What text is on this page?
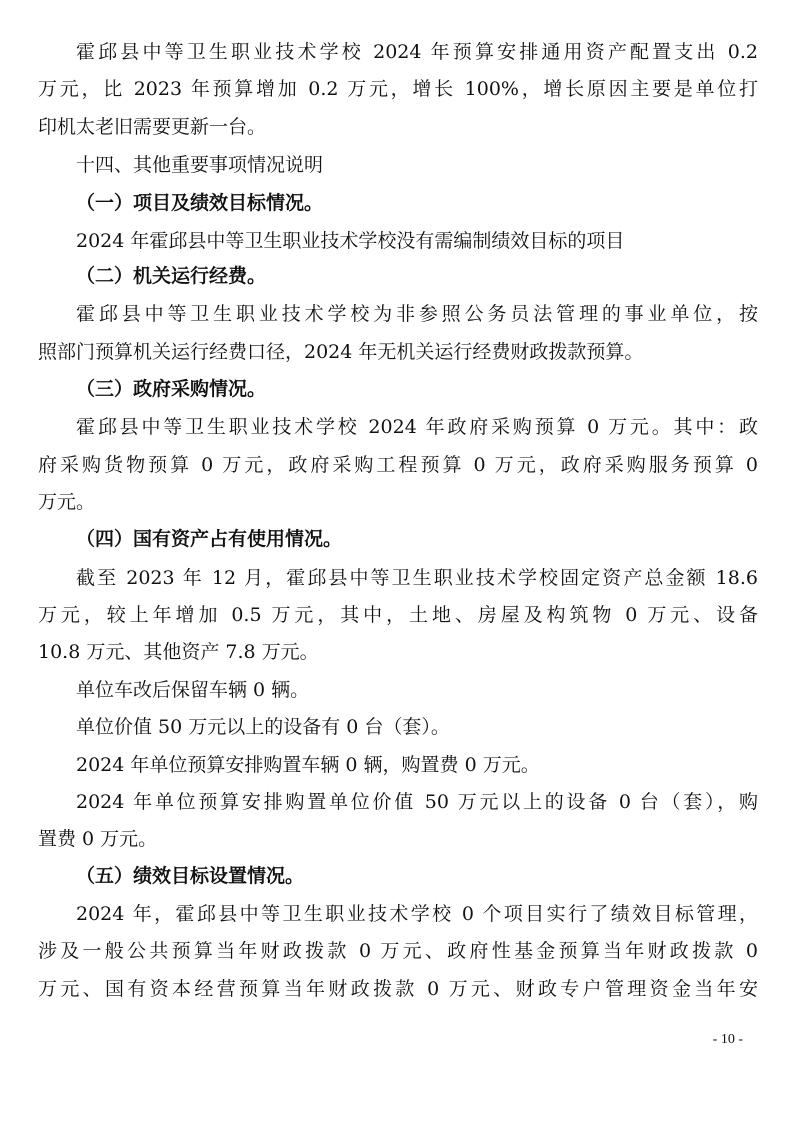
霍邱县中等卫生职业技术学校 2024 年预算安排通用资产配置支出 0.2
万元，比 2023 年预算增加 0.2 万元，增长 100%，增长原因主要是单位打
印机太老旧需要更新一台。
十四、其他重要事项情况说明
（一）项目及绩效目标情况。
2024 年霍邱县中等卫生职业技术学校没有需编制绩效目标的项目
（二）机关运行经费。
霍邱县中等卫生职业技术学校为非参照公务员法管理的事业单位，按
照部门预算机关运行经费口径，2024 年无机关运行经费财政拨款预算。
（三）政府采购情况。
霍邱县中等卫生职业技术学校 2024 年政府采购预算 0 万元。其中：政
府采购货物预算 0 万元，政府采购工程预算 0 万元，政府采购服务预算 0
万元。
（四）国有资产占有使用情况。
截至 2023 年 12 月，霍邱县中等卫生职业技术学校固定资产总金额 18.6
万元，较上年增加 0.5 万元，其中，土地、房屋及构筑物 0 万元、设备
10.8 万元、其他资产 7.8 万元。
单位车改后保留车辆 0 辆。
单位价值 50 万元以上的设备有 0 台（套）。
2024 年单位预算安排购置车辆 0 辆，购置费 0 万元。
2024 年单位预算安排购置单位价值 50 万元以上的设备 0 台（套），购
置费 0 万元。
（五）绩效目标设置情况。
2024 年，霍邱县中等卫生职业技术学校 0 个项目实行了绩效目标管理，
涉及一般公共预算当年财政拨款 0 万元、政府性基金预算当年财政拨款 0
万元、国有资本经营预算当年财政拨款 0 万元、财政专户管理资金当年安
- 10 -
